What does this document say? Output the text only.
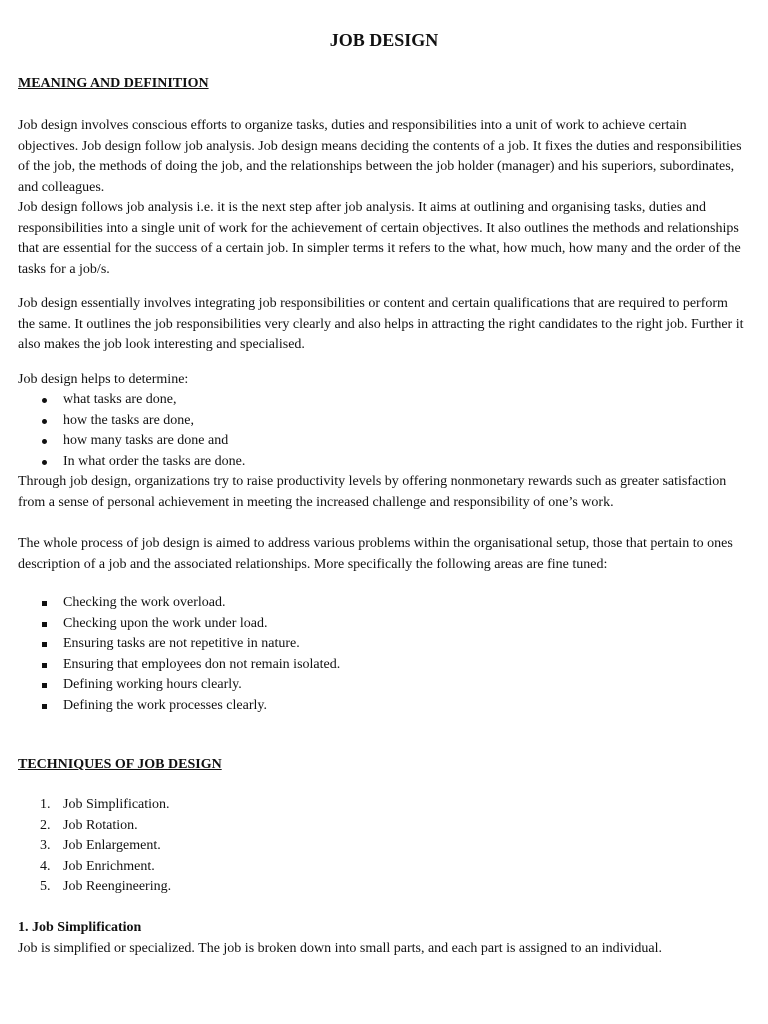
JOB DESIGN
MEANING AND DEFINITION

Job design involves conscious efforts to organize tasks, duties and responsibilities into a unit of work to achieve certain objectives. Job design follow job analysis. Job design means deciding the contents of a job. It fixes the duties and responsibilities of the job, the methods of doing the job, and the relationships between the job holder (manager) and his superiors, subordinates, and colleagues.

Job design follows job analysis i.e. it is the next step after job analysis. It aims at outlining and organising tasks, duties and responsibilities into a single unit of work for the achievement of certain objectives. It also outlines the methods and relationships that are essential for the success of a certain job. In simpler terms it refers to the what, how much, how many and the order of the tasks for a job/s.

Job design essentially involves integrating job responsibilities or content and certain qualifications that are required to perform the same. It outlines the job responsibilities very clearly and also helps in attracting the right candidates to the right job. Further it also makes the job look interesting and specialised.

Job design helps to determine:

what tasks are done,
how the tasks are done,
how many tasks are done and
In what order the tasks are done.

Through job design, organizations try to raise productivity levels by offering nonmonetary rewards such as greater satisfaction from a sense of personal achievement in meeting the increased challenge and responsibility of one’s work.

The whole process of job design is aimed to address various problems within the organisational setup, those that pertain to ones description of a job and the associated relationships. More specifically the following areas are fine tuned:

Checking the work overload.
Checking upon the work under load.
Ensuring tasks are not repetitive in nature.
Ensuring that employees don not remain isolated.
Defining working hours clearly.
Defining the work processes clearly.
TECHNIQUES OF JOB DESIGN
1. Job Simplification.
2. Job Rotation.
3. Job Enlargement.
4. Job Enrichment.
5. Job Reengineering.
1. Job Simplification

Job is simplified or specialized. The job is broken down into small parts, and each part is assigned to an individual.
